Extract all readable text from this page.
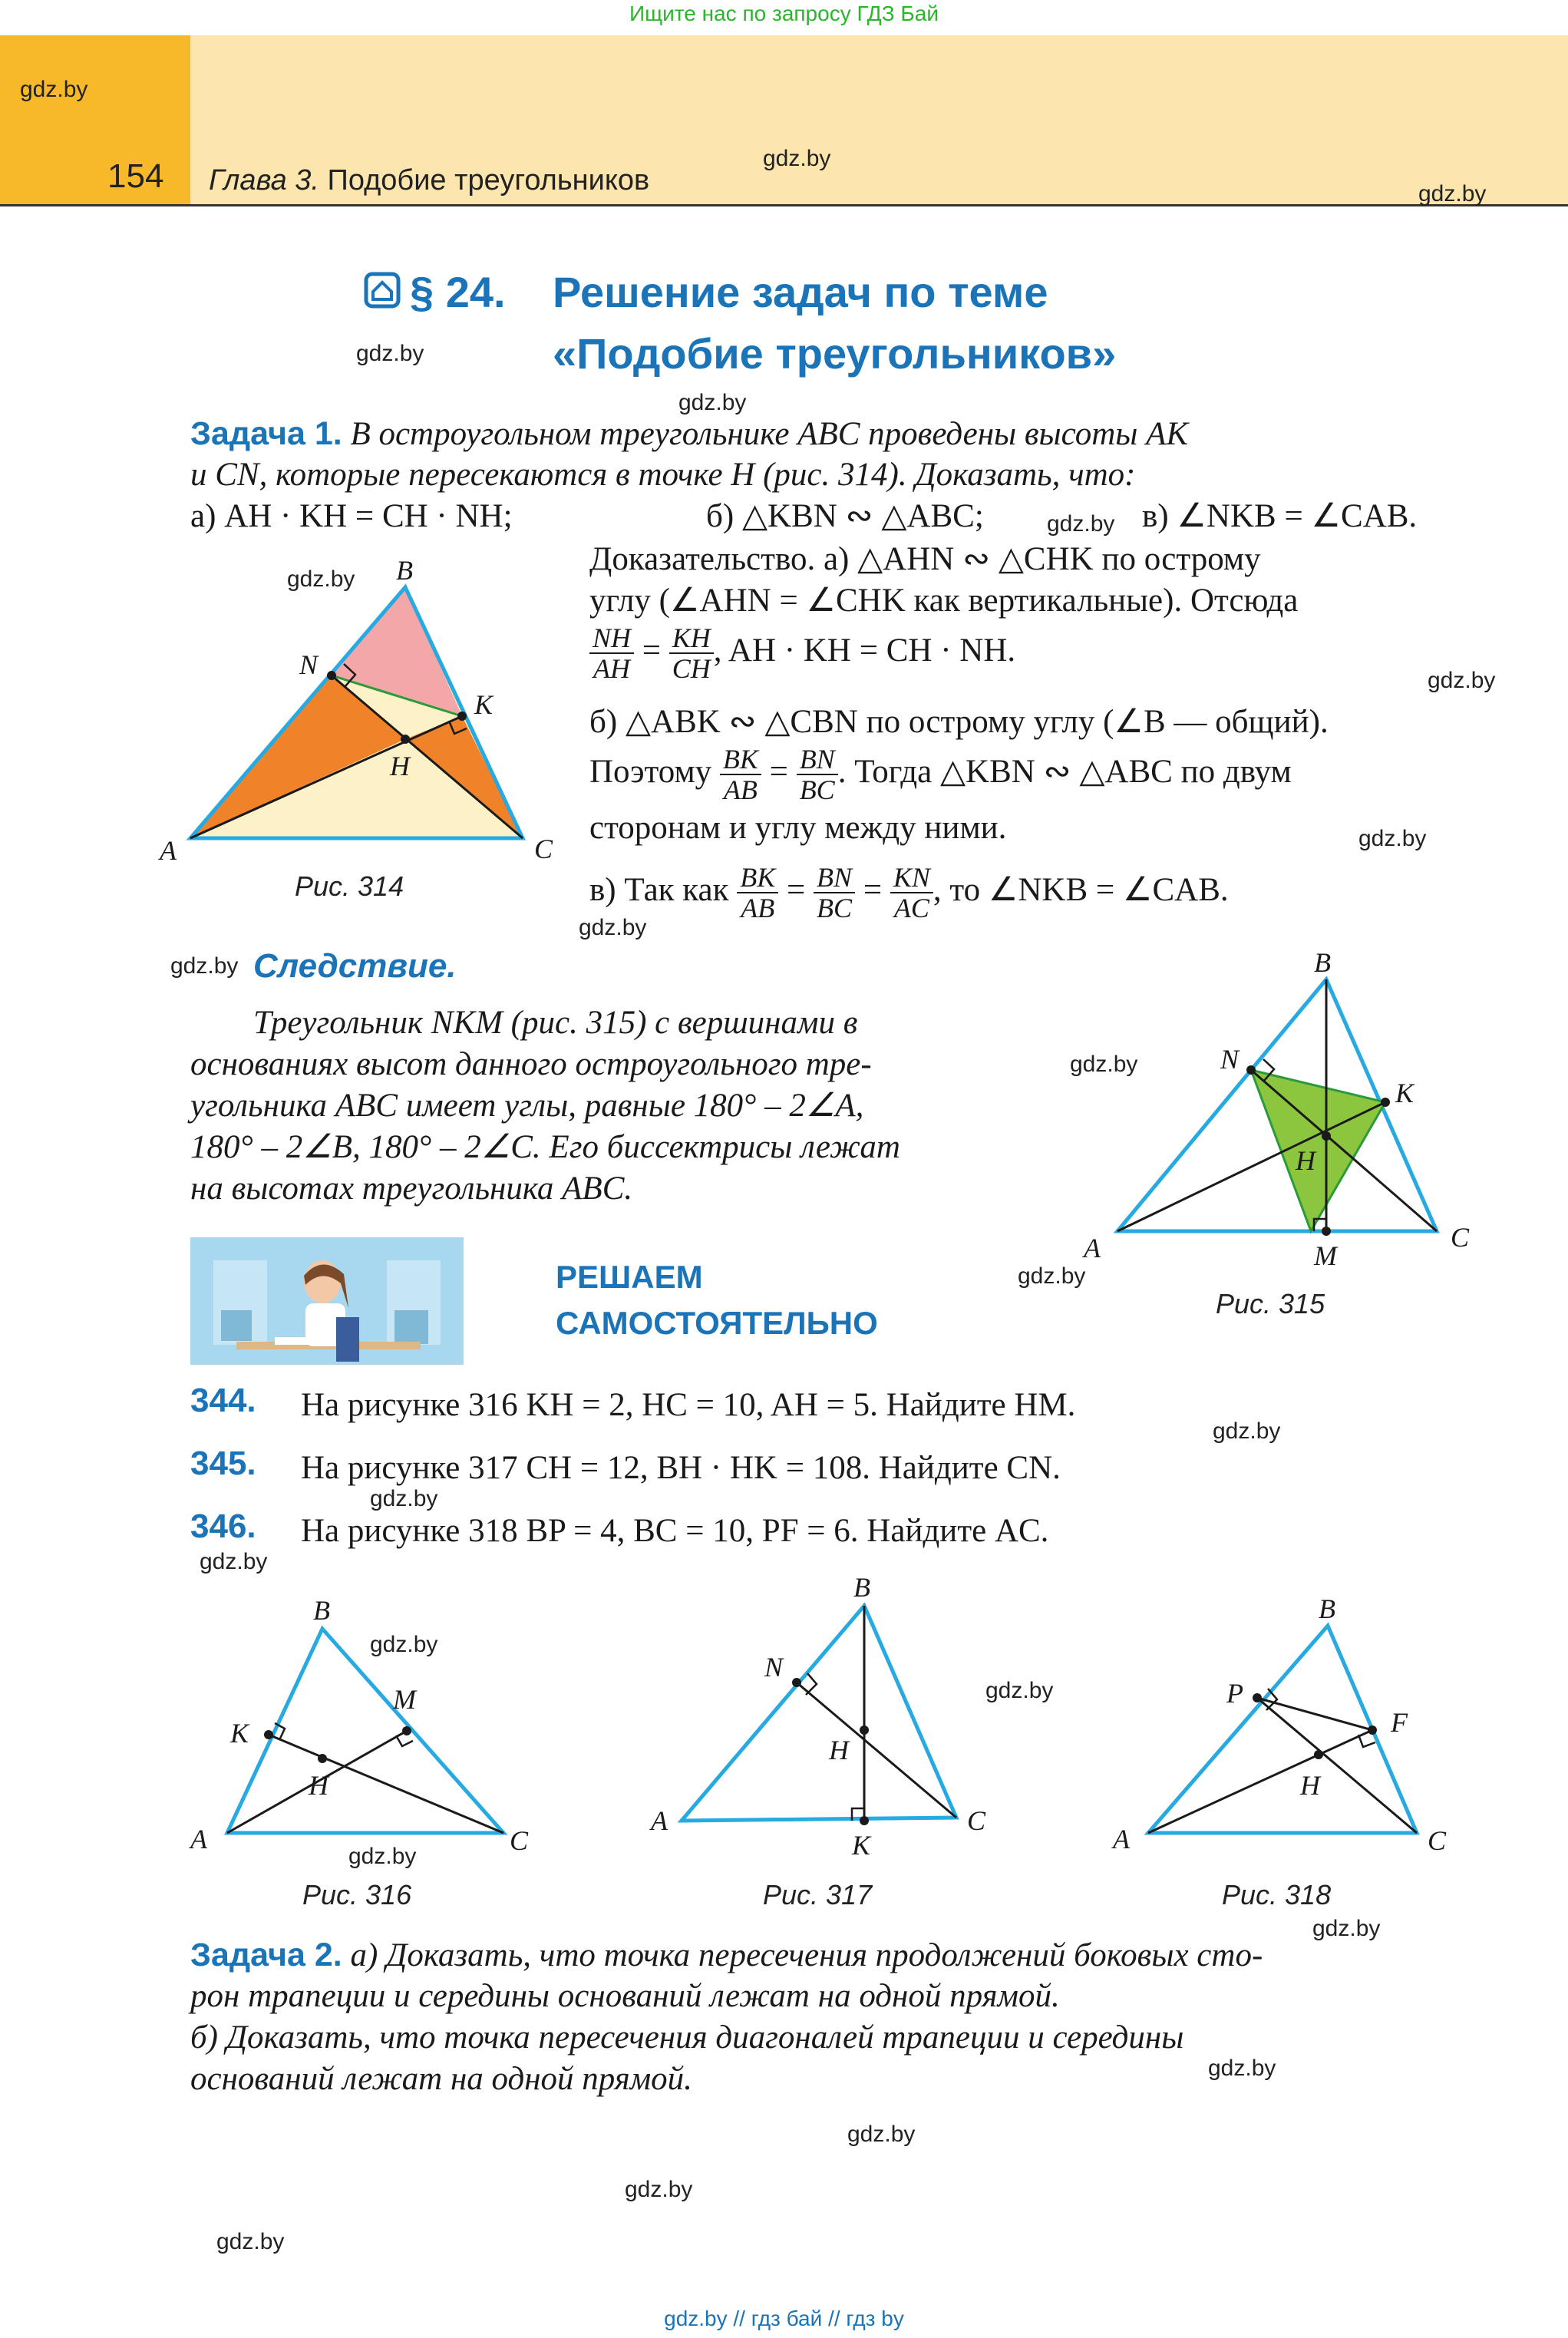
Ищите нас по запросу ГДЗ Бай
154 Глава 3. Подобие треугольников
§ 24. Решение задач по теме
«Подобие треугольников»
Задача 1. В остроугольном треугольнике ABC проведены высоты AK
и CN, которые пересекаются в точке H (рис. 314). Доказать, что:
а) AH · KH = CH · NH;	б) △KBN ∾ △ABC;	в) ∠NKB = ∠CAB.
A
B
C
N
K
H
Рис. 314
Доказательство. а) △AHN ∾ △CHK по острому
углу (∠AHN = ∠CHK как вертикальные). Отсюда
$\frac{NH}{AH} = \frac{KH}{CH}$ , AH · KH = CH · NH.
б) △ABK ∾ △CBN по острому углу (∠B — общий).
Поэтому $\frac{BK}{AB} = \frac{BN}{BC}$ . Тогда △KBN ∾ △ABC по двум
сторонам и углу между ними.
в) Так как $\frac{BK}{AB} = \frac{BN}{BC} = \frac{KN}{AC}$ , то ∠NKB = ∠CAB.
Следствие.
Треугольник NKM (рис. 315) с вершинами в
основаниях высот данного остроугольного тре-
угольника ABC имеет углы, равные 180° – 2∠A,
180° – 2∠B, 180° – 2∠C. Его биссектрисы лежат
на высотах треугольника ABC.
A
B
C
N
K
H
M
Рис. 315
РЕШАЕМ
САМОСТОЯТЕЛЬНО
344. На рисунке 316 KH = 2, HC = 10, AH = 5. Найдите HM.
345. На рисунке 317 CH = 12, BH · HK = 108. Найдите CN.
346. На рисунке 318 BP = 4, BC = 10, PF = 6. Найдите AC.
A
B
C
K
M
H
Рис. 316
A
B
C
N
K
H
Рис. 317
A
B
C
P
F
H
Рис. 318
Задача 2. а) Доказать, что точка пересечения продолжений боковых сто-
рон трапеции и середины оснований лежат на одной прямой.
б) Доказать, что точка пересечения диагоналей трапеции и середины
оснований лежат на одной прямой.
gdz.by
gdz.by
gdz.by
gdz.by
gdz.by
gdz.by
gdz.by
gdz.by
gdz.by
gdz.by
gdz.by
gdz.by
gdz.by
gdz.by
gdz.by
gdz.by
gdz.by
gdz.by
gdz.by
gdz.by
gdz.by
gdz.by
gdz.by
gdz.by
gdz.by // гдз бай // гдз by
